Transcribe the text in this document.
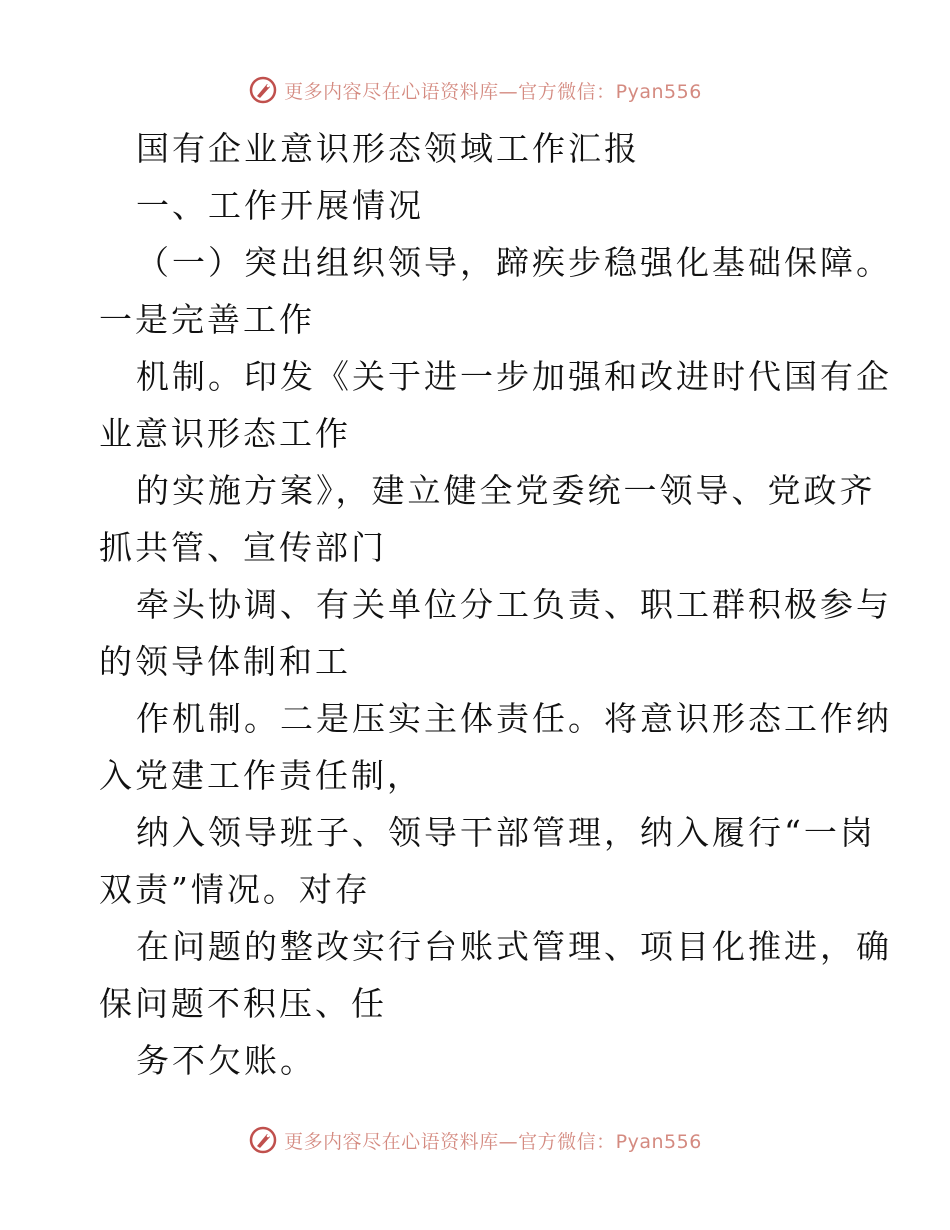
更多内容尽在心语资料库—官方微信：Pyan556
国有企业意识形态领域工作汇报
一、工作开展情况
（一）突出组织领导，蹄疾步稳强化基础保障。
一是完善工作
机制。印发《关于进一步加强和改进时代国有企
业意识形态工作
的实施方案》，建立健全党委统一领导、党政齐
抓共管、宣传部门
牵头协调、有关单位分工负责、职工群积极参与
的领导体制和工
作机制。二是压实主体责任。将意识形态工作纳
入党建工作责任制，
纳入领导班子、领导干部管理，纳入履行“一岗
双责”情况。对存
在问题的整改实行台账式管理、项目化推进，确
保问题不积压、任
务不欠账。
更多内容尽在心语资料库—官方微信：Pyan556
